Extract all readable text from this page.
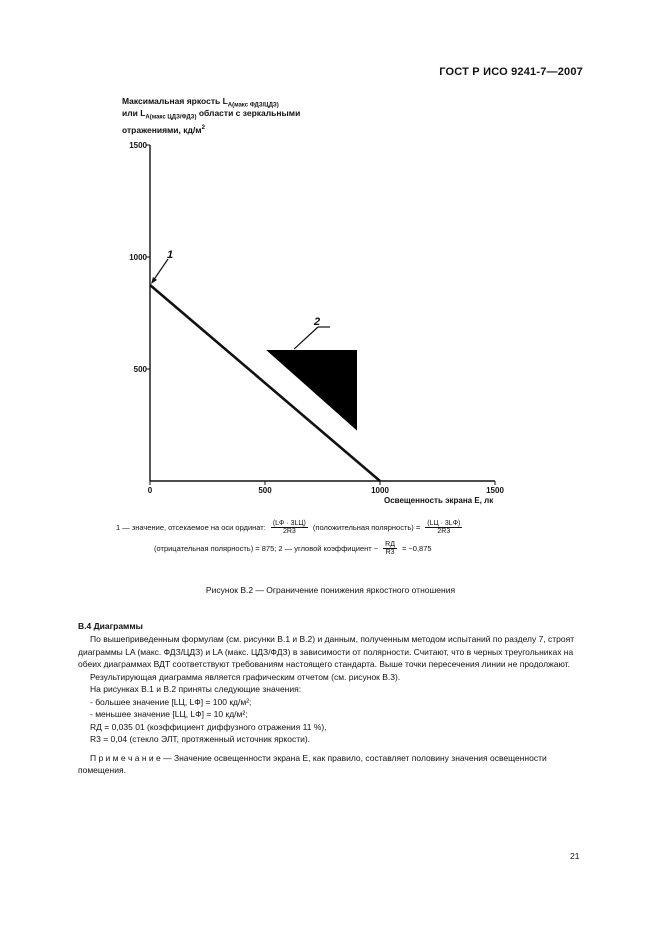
ГОСТ Р ИСО 9241-7—2007
Максимальная яркость $L_{A(макс ФДЗ/ЦДЗ)}$
или $L_{A(макс ЦДЗ/ФДЗ)}$ области с зеркальными
отражениями, $кд/м^2$
500
1000
1500
0	500	1000	1500
Освещенность экрана E, лк
1
2
1 — значение, отсекаемое на оси ординат: (LФ · 3LЦ)
2R3 (положительная полярность) = (LЦ · 3LФ)
2R3
(отрицательная полярность) = 875; 2 — угловой коэффициент − RД
R3 = −0,875
Рисунок В.2 — Ограничение понижения яркостного отношения
В.4 Диаграммы

По вышеприведенным формулам (см. рисунки В.1 и В.2) и данным, полученным методом испытаний по разделу 7, строят диаграммы LA (макс. ФДЗ/ЦДЗ) и LA (макс. ЦДЗ/ФДЗ) в зависимости от полярности. Считают, что в черных треугольниках на обеих диаграммах ВДТ соответствуют требованиям настоящего стандарта. Выше точки пересечения линии не продолжают.

Результирующая диаграмма является графическим отчетом (см. рисунок В.3).

На рисунках В.1 и В.2 приняты следующие значения:

- большее значение [LЦ, LФ] = 100 кд/м²;

- меньшее значение [LЦ, LФ] = 10 кд/м²;

RД = 0,035 01 (коэффициент диффузного отражения 11 %),

R3 = 0,04 (стекло ЭЛТ, протяженный источник яркости).

П р и м е ч а н и е — Значение освещенности экрана E, как правило, составляет половину значения освещенности помещения.

21
